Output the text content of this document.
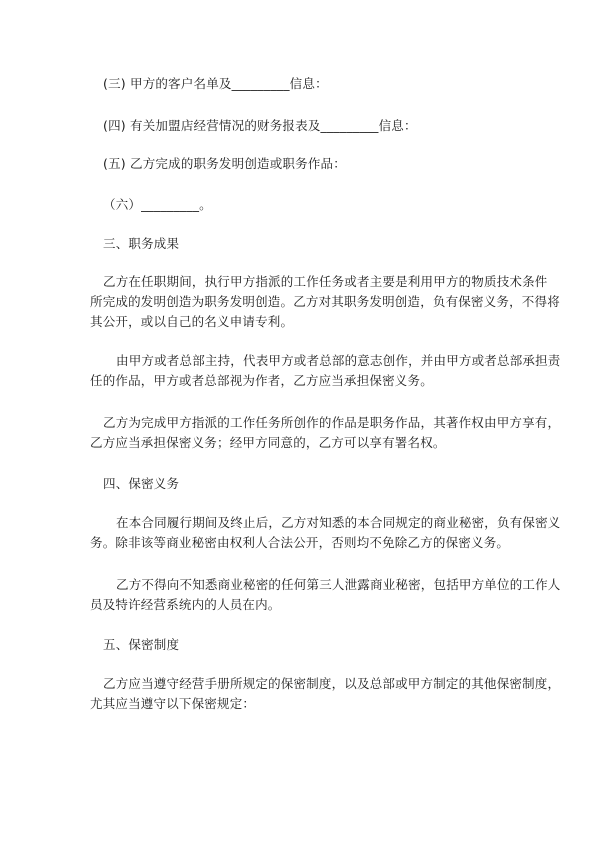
(三) 甲方的客户名单及_________信息：
(四) 有关加盟店经营情况的财务报表及_________信息：
(五) 乙方完成的职务发明创造或职务作品：
（六）_________。
三、职务成果
乙方在任职期间，执行甲方指派的工作任务或者主要是利用甲方的物质技术条件
所完成的发明创造为职务发明创造。乙方对其职务发明创造，负有保密义务，不得将
其公开，或以自己的名义申请专利。
由甲方或者总部主持，代表甲方或者总部的意志创作，并由甲方或者总部承担责
任的作品，甲方或者总部视为作者，乙方应当承担保密义务。
乙方为完成甲方指派的工作任务所创作的作品是职务作品，其著作权由甲方享有，
乙方应当承担保密义务；经甲方同意的，乙方可以享有署名权。
四、保密义务
在本合同履行期间及终止后，乙方对知悉的本合同规定的商业秘密，负有保密义
务。除非该等商业秘密由权利人合法公开，否则均不免除乙方的保密义务。
乙方不得向不知悉商业秘密的任何第三人泄露商业秘密，包括甲方单位的工作人
员及特许经营系统内的人员在内。
五、保密制度
乙方应当遵守经营手册所规定的保密制度，以及总部或甲方制定的其他保密制度，
尤其应当遵守以下保密规定：
